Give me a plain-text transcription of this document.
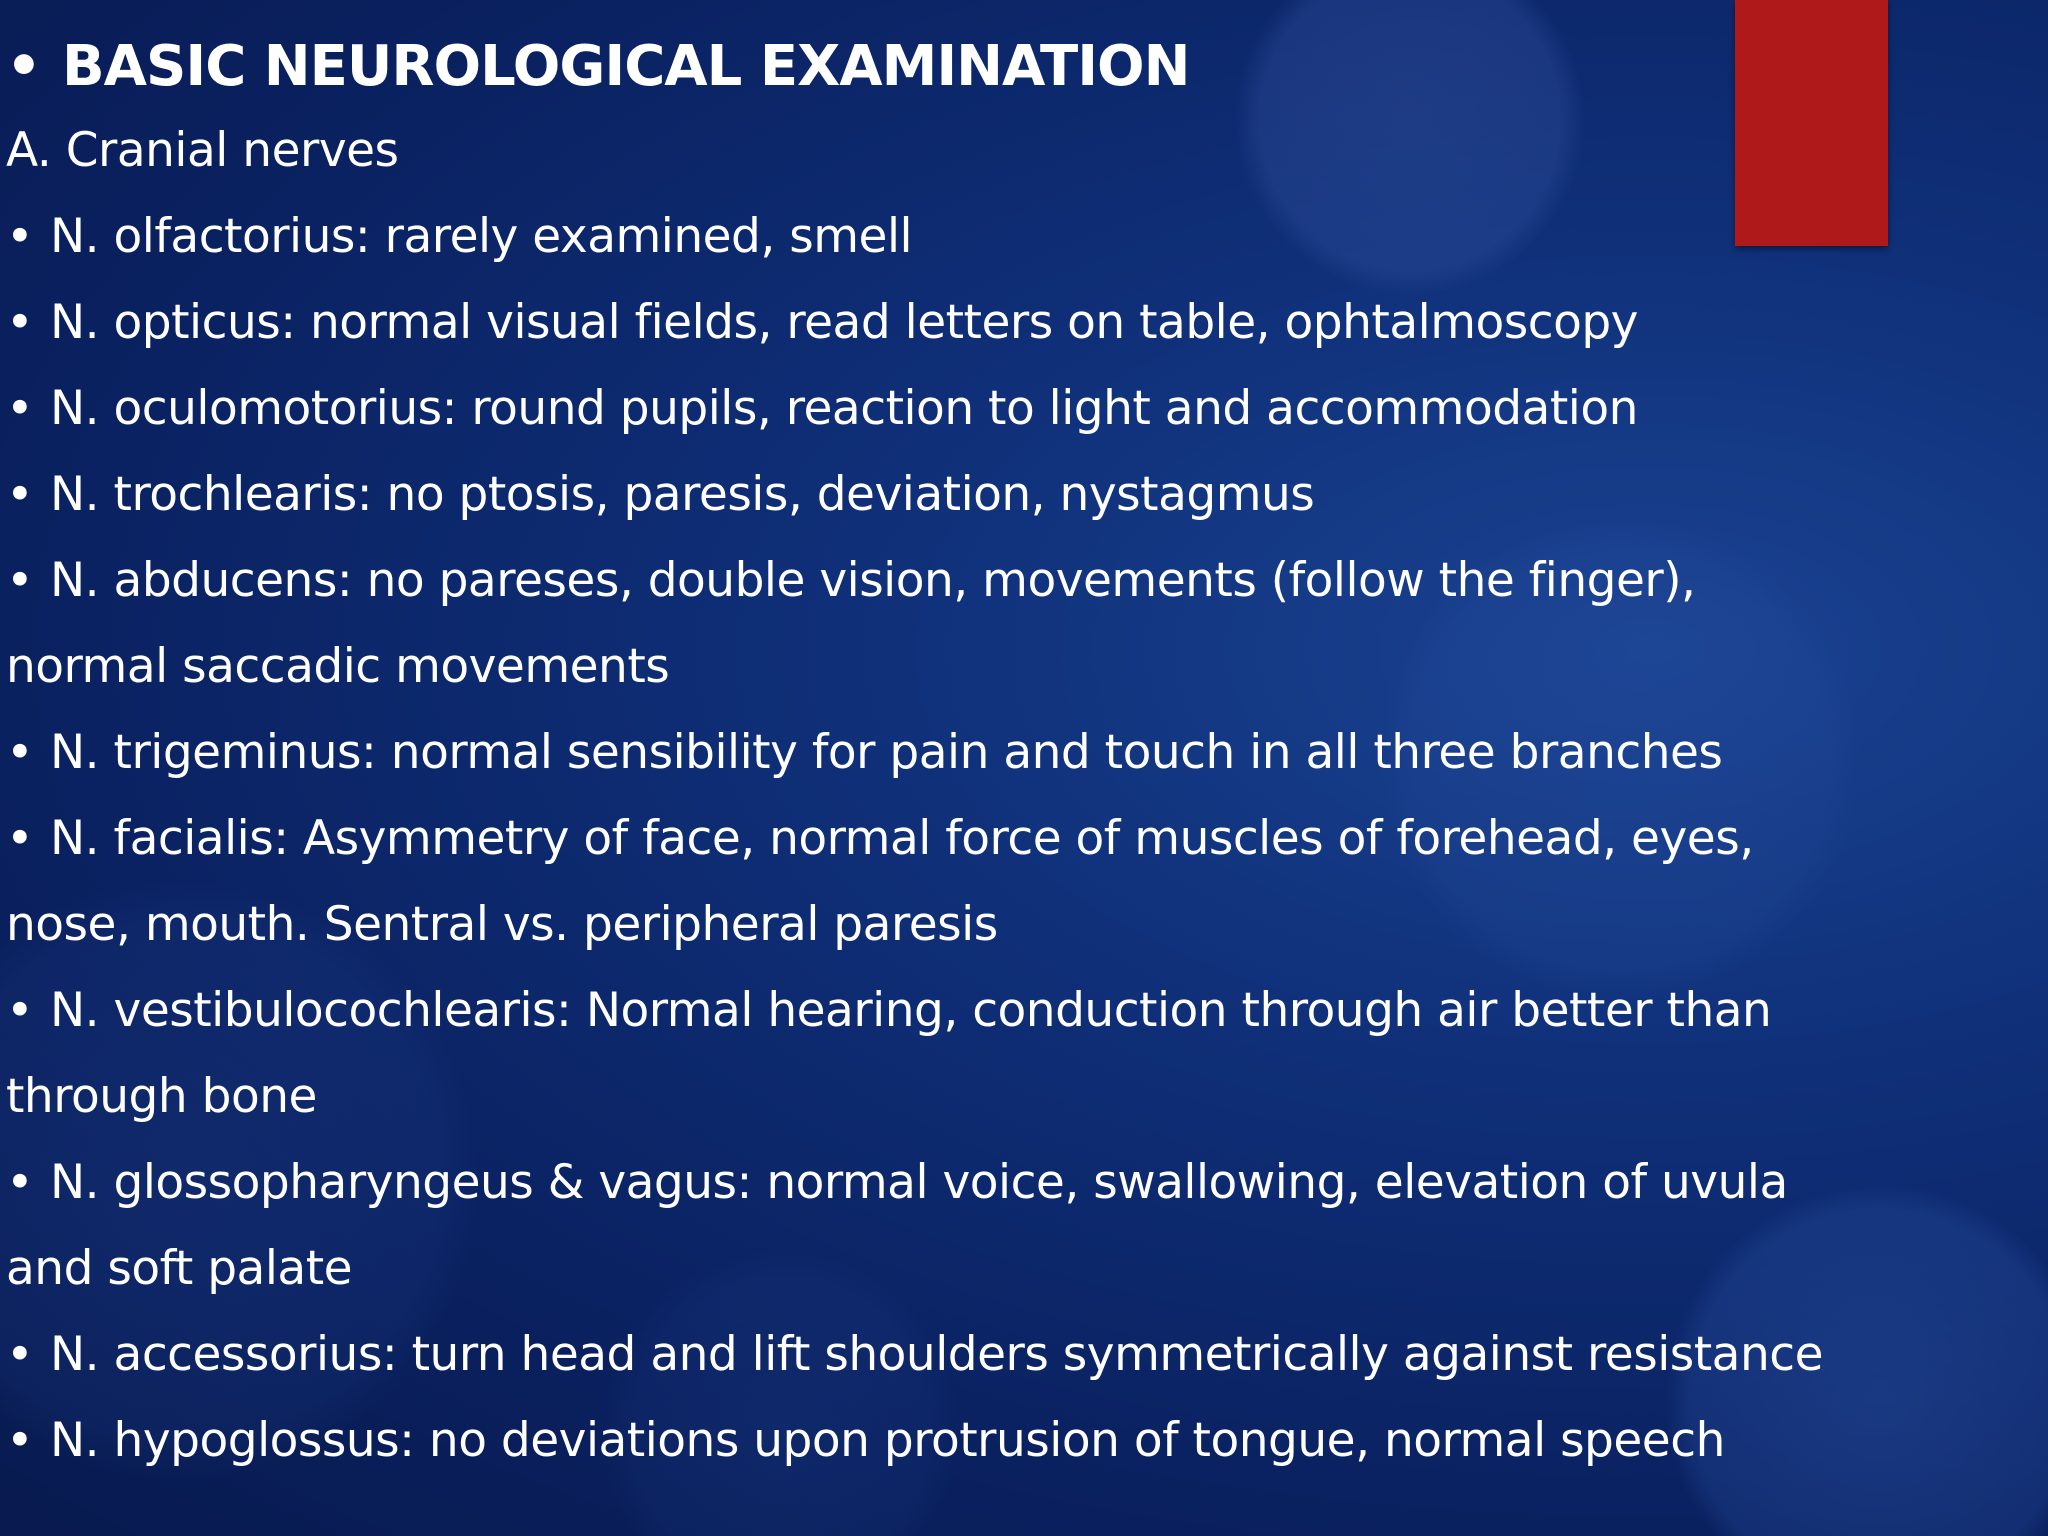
• BASIC NEUROLOGICAL EXAMINATION
A. Cranial nerves
• N. olfactorius: rarely examined, smell
• N. opticus: normal visual fields, read letters on table, ophtalmoscopy
• N. oculomotorius: round pupils, reaction to light and accommodation
• N. trochlearis: no ptosis, paresis, deviation, nystagmus
• N. abducens: no pareses, double vision, movements (follow the finger),
normal saccadic movements
• N. trigeminus: normal sensibility for pain and touch in all three branches
• N. facialis: Asymmetry of face, normal force of muscles of forehead, eyes,
nose, mouth. Sentral vs. peripheral paresis
• N. vestibulocochlearis: Normal hearing, conduction through air better than
through bone
• N. glossopharyngeus & vagus: normal voice, swallowing, elevation of uvula
and soft palate
• N. accessorius: turn head and lift shoulders symmetrically against resistance
• N. hypoglossus: no deviations upon protrusion of tongue, normal speech
